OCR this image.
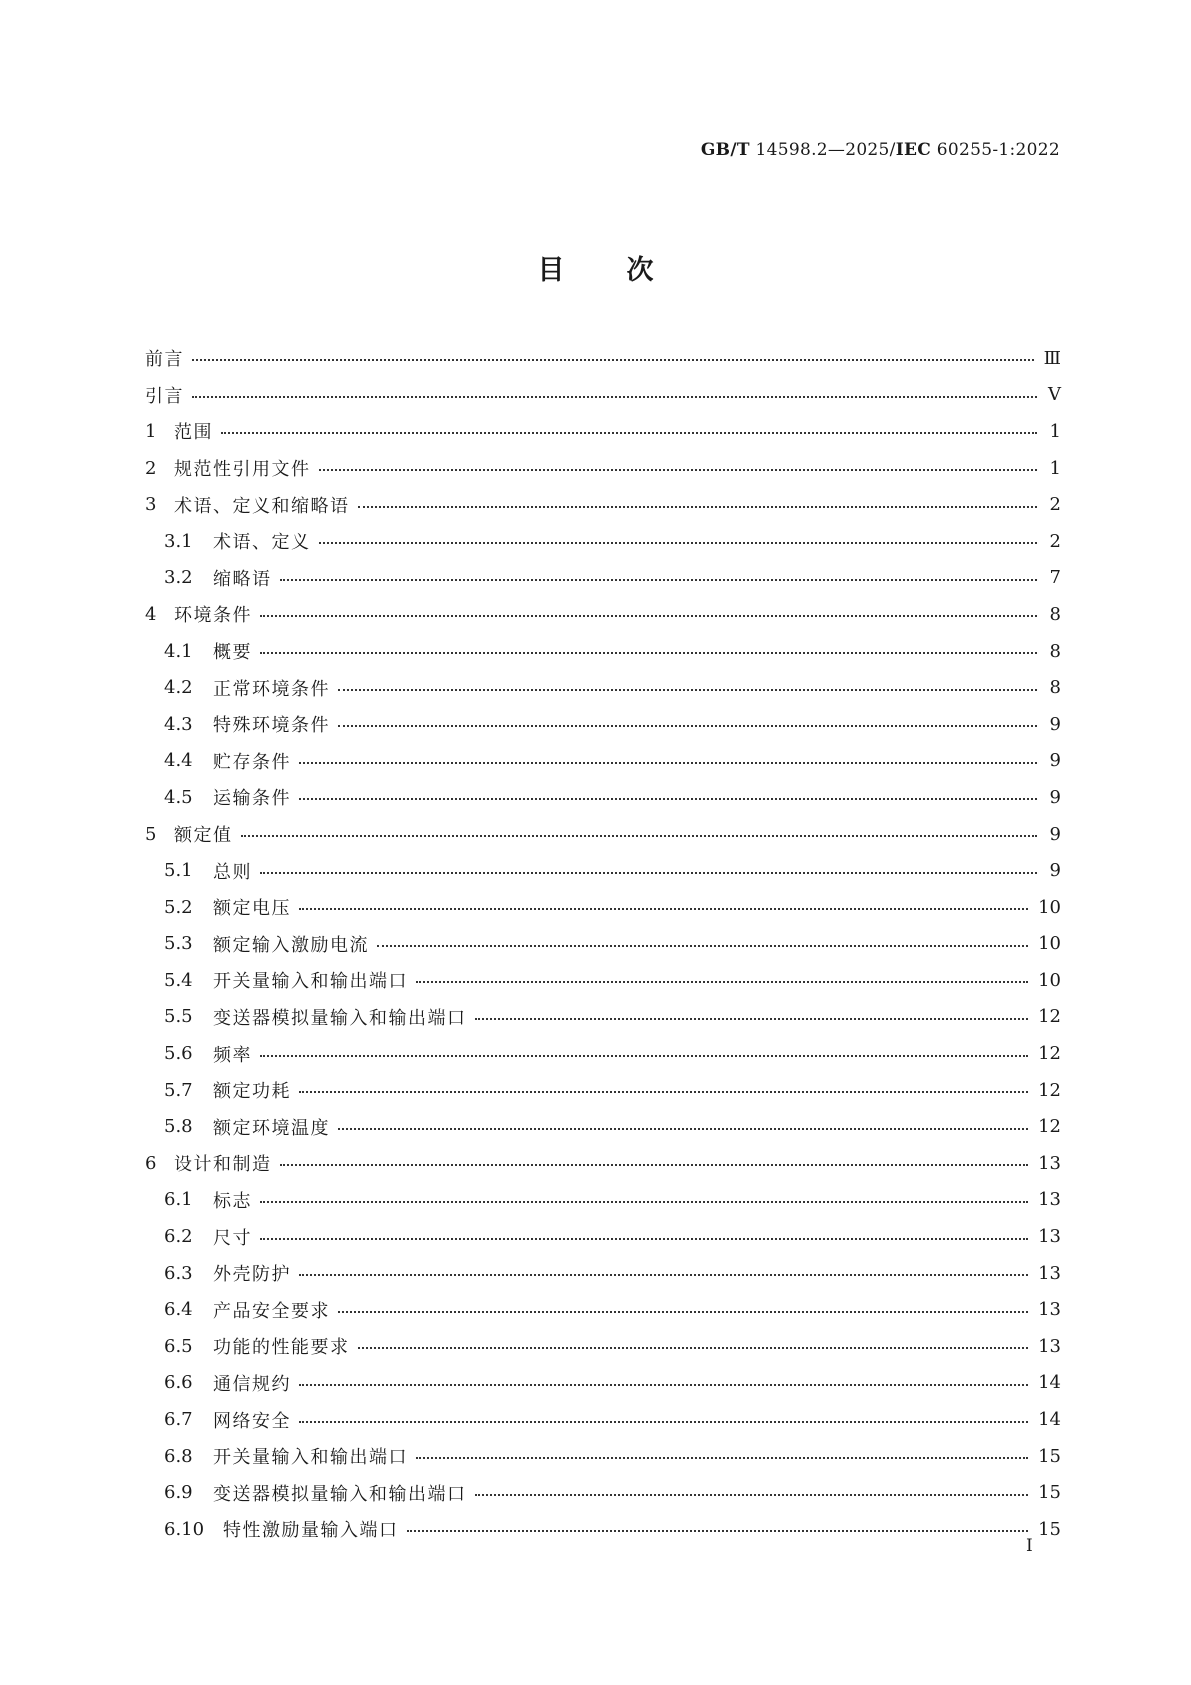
GB/T 14598.2—2025/IEC 60255-1:2022
目次
前言	Ⅲ
引言	Ⅴ
1 范围	1
2 规范性引用文件	1
3 术语、定义和缩略语	2
3.1	术语、定义	2
3.2	缩略语	7
4 环境条件	8
4.1	概要	8
4.2	正常环境条件	8
4.3	特殊环境条件	9
4.4	贮存条件	9
4.5	运输条件	9
5 额定值	9
5.1	总则	9
5.2	额定电压	10
5.3	额定输入激励电流	10
5.4	开关量输入和输出端口	10
5.5	变送器模拟量输入和输出端口	12
5.6	频率	12
5.7	额定功耗	12
5.8	额定环境温度	12
6 设计和制造	13
6.1	标志	13
6.2	尺寸	13
6.3	外壳防护	13
6.4	产品安全要求	13
6.5	功能的性能要求	13
6.6	通信规约	14
6.7	网络安全	14
6.8	开关量输入和输出端口	15
6.9	变送器模拟量输入和输出端口	15
6.10	特性激励量输入端口	15
Ⅰ
